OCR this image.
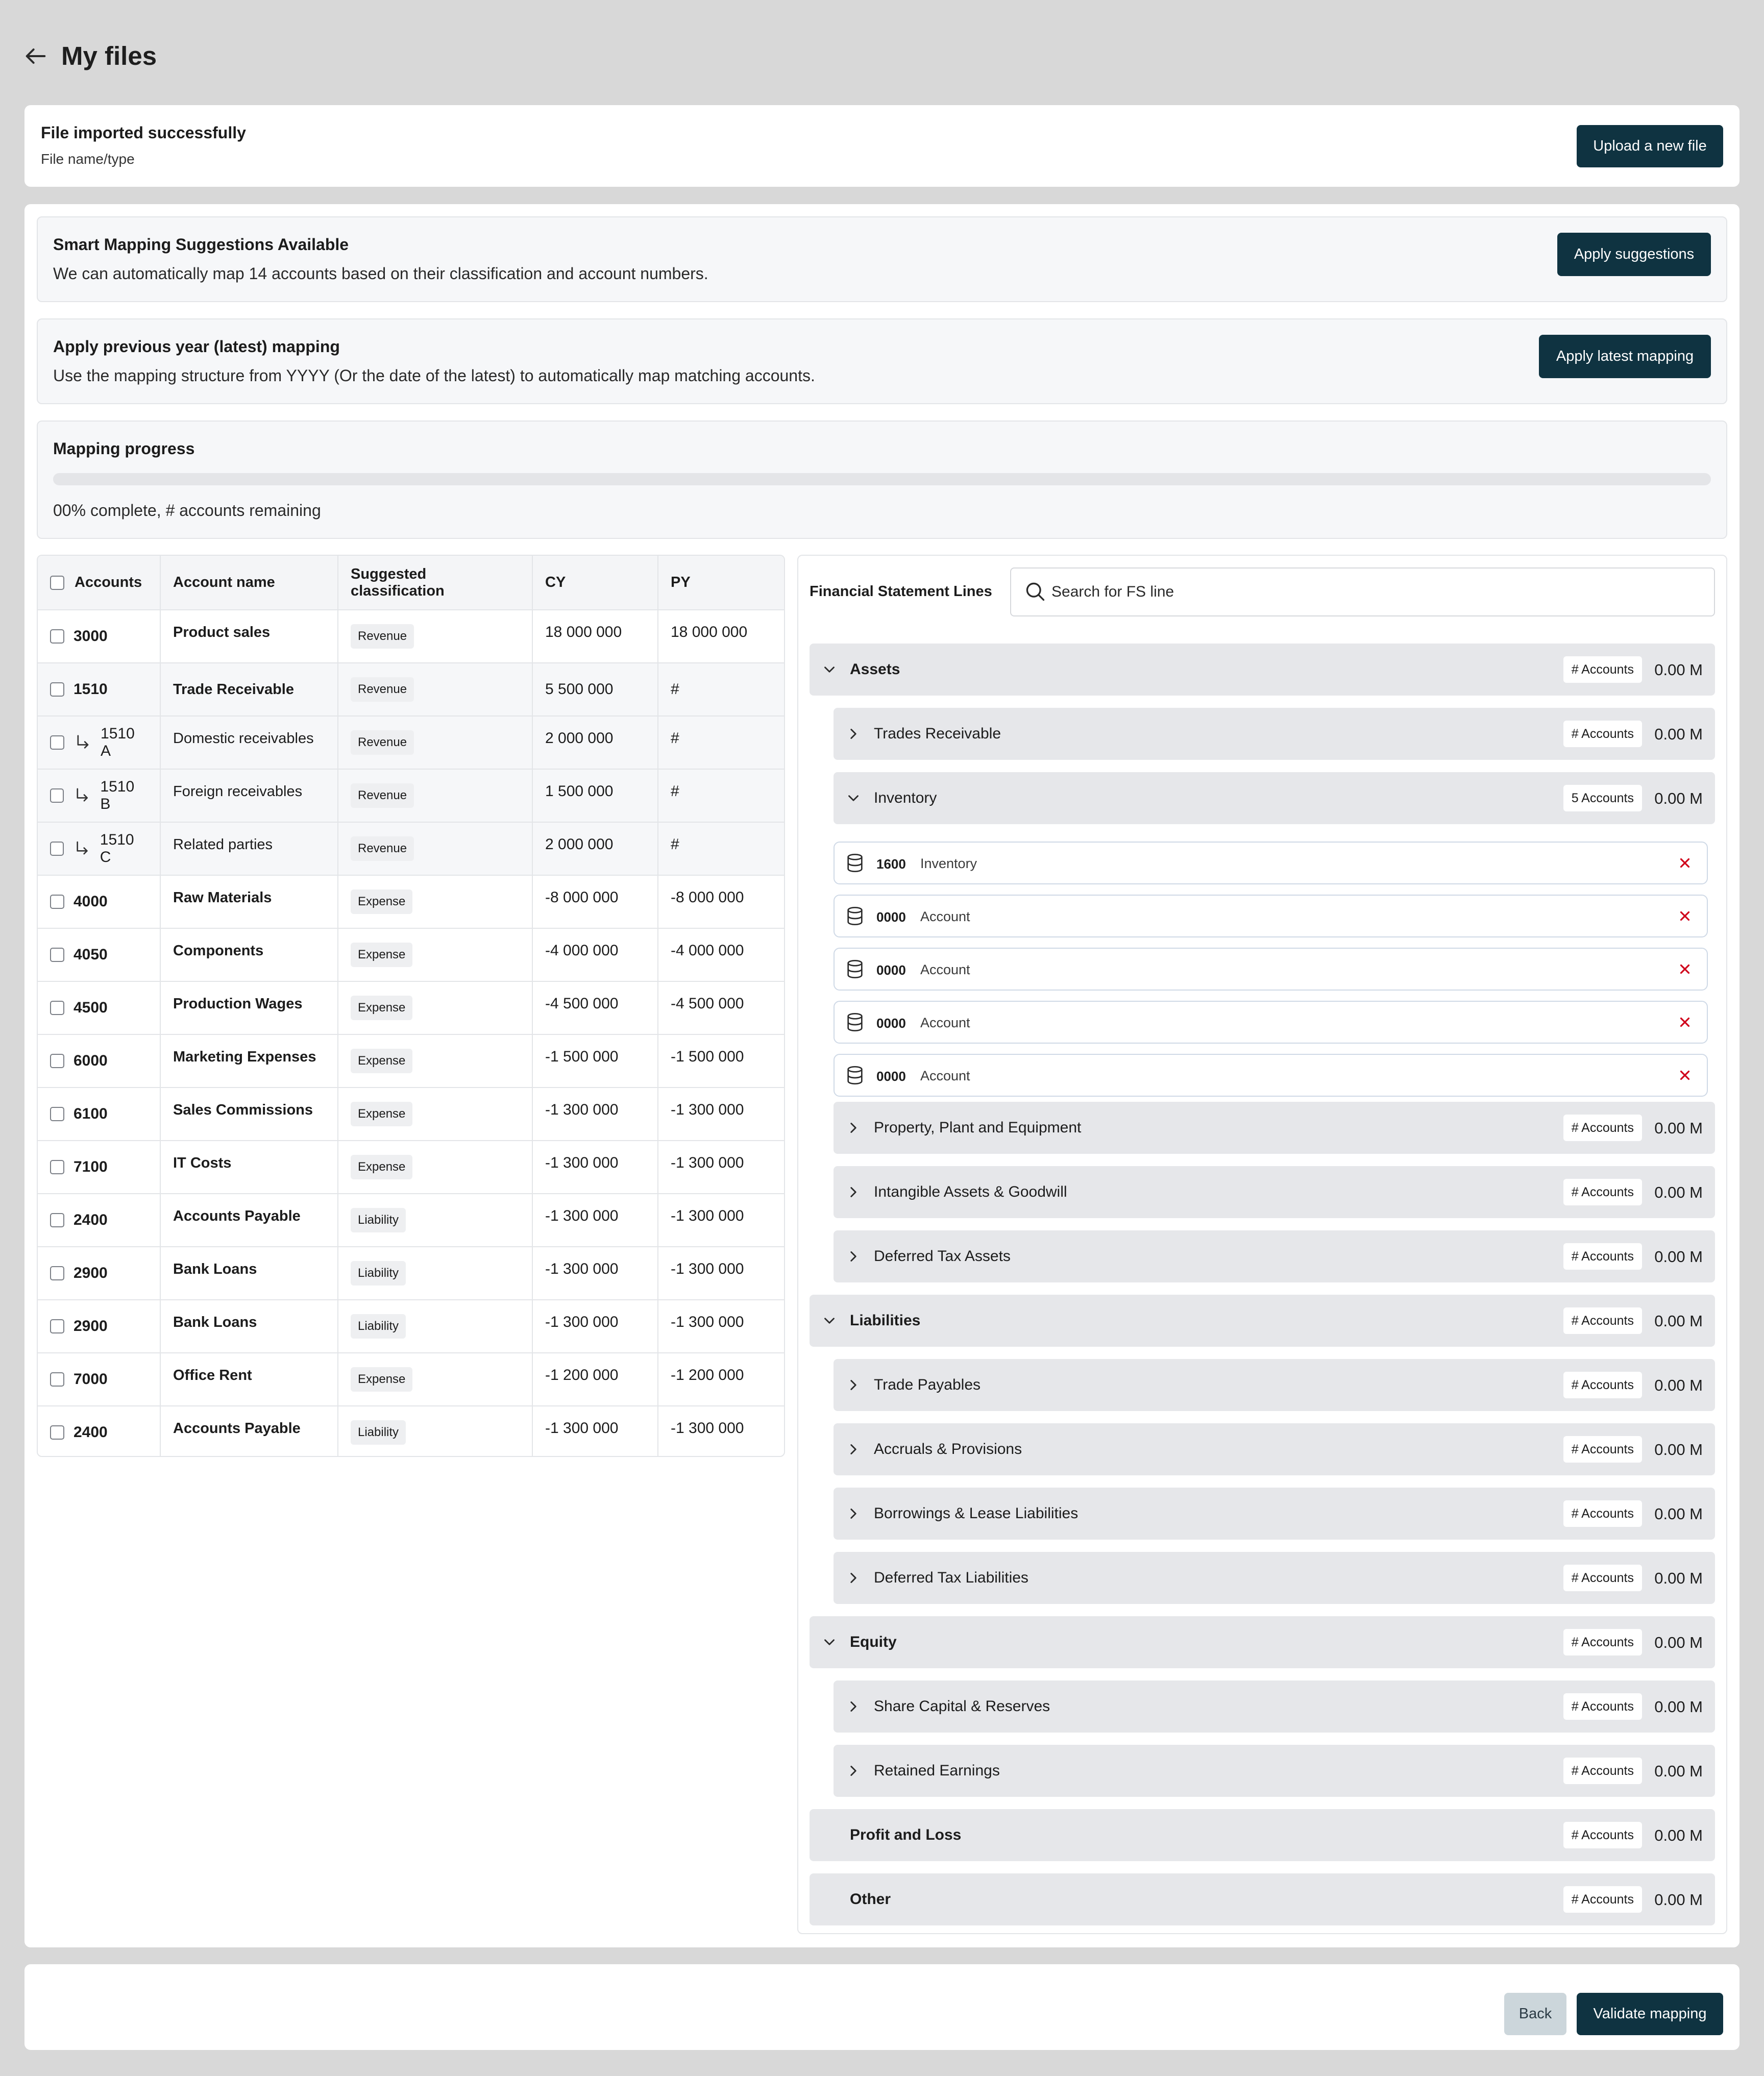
My files
File imported successfully
File name/type
Upload a new file
Smart Mapping Suggestions Available
We can automatically map 14 accounts based on their classification and account numbers.
Apply suggestions
Apply previous year (latest) mapping
Use the mapping structure from YYYY (Or the date of the latest) to automatically map matching accounts.
Apply latest mapping
Mapping progress
00% complete, # accounts remaining
Accounts	Account name	Suggested classification	CY	PY

3000	Product sales	Revenue	18 000 000	18 000 000

1510	Trade Receivable	Revenue	5 500 000	#

1510 A	Domestic receivables	Revenue	2 000 000	#

1510 B	Foreign receivables	Revenue	1 500 000	#

1510 C	Related parties	Revenue	2 000 000	#

4000	Raw Materials	Expense	-8 000 000	-8 000 000

4050	Components	Expense	-4 000 000	-4 000 000

4500	Production Wages	Expense	-4 500 000	-4 500 000

6000	Marketing Expenses	Expense	-1 500 000	-1 500 000

6100	Sales Commissions	Expense	-1 300 000	-1 300 000

7100	IT Costs	Expense	-1 300 000	-1 300 000

2400	Accounts Payable	Liability	-1 300 000	-1 300 000

2900	Bank Loans	Liability	-1 300 000	-1 300 000

2900	Bank Loans	Liability	-1 300 000	-1 300 000

7000	Office Rent	Expense	-1 200 000	-1 200 000

2400	Accounts Payable	Liability	-1 300 000	-1 300 000
Financial Statement Lines
Search for FS line
Assets	# Accounts	0.00 M
Trades Receivable	# Accounts	0.00 M
Inventory	5 Accounts	0.00 M
1600 Inventory
0000 Account
0000 Account
0000 Account
0000 Account
Property, Plant and Equipment	# Accounts	0.00 M
Intangible Assets & Goodwill	# Accounts	0.00 M
Deferred Tax Assets	# Accounts	0.00 M
Liabilities	# Accounts	0.00 M
Trade Payables	# Accounts	0.00 M
Accruals & Provisions	# Accounts	0.00 M
Borrowings & Lease Liabilities	# Accounts	0.00 M
Deferred Tax Liabilities	# Accounts	0.00 M
Equity	# Accounts	0.00 M
Share Capital & Reserves	# Accounts	0.00 M
Retained Earnings	# Accounts	0.00 M
Profit and Loss	# Accounts	0.00 M
Other	# Accounts	0.00 M
Back	Validate mapping
